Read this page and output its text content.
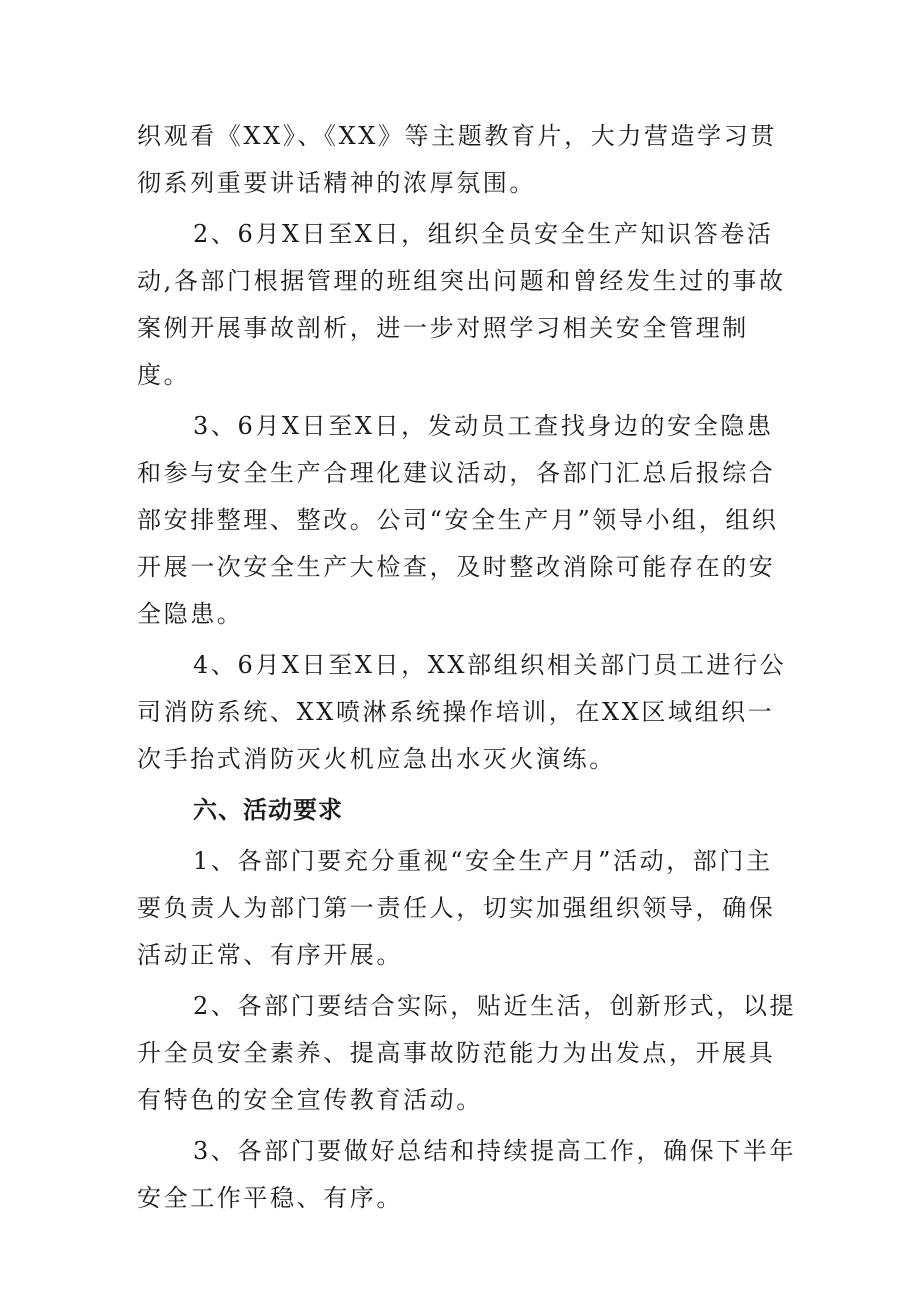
织观看《XX》、《XX》等主题教育片，大力营造学习贯彻系列重要讲话精神的浓厚氛围。

2、6月X日至X日，组织全员安全生产知识答卷活动,各部门根据管理的班组突出问题和曾经发生过的事故案例开展事故剖析，进一步对照学习相关安全管理制度。

3、6月X日至X日，发动员工查找身边的安全隐患和参与安全生产合理化建议活动，各部门汇总后报综合部安排整理、整改。公司“安全生产月”领导小组，组织开展一次安全生产大检查，及时整改消除可能存在的安全隐患。

4、6月X日至X日，XX部组织相关部门员工进行公司消防系统、XX喷淋系统操作培训，在XX区域组织一次手抬式消防灭火机应急出水灭火演练。

六、活动要求

1、各部门要充分重视“安全生产月”活动，部门主要负责人为部门第一责任人，切实加强组织领导，确保活动正常、有序开展。

2、各部门要结合实际，贴近生活，创新形式，以提升全员安全素养、提高事故防范能力为出发点，开展具有特色的安全宣传教育活动。

3、各部门要做好总结和持续提高工作，确保下半年安全工作平稳、有序。
